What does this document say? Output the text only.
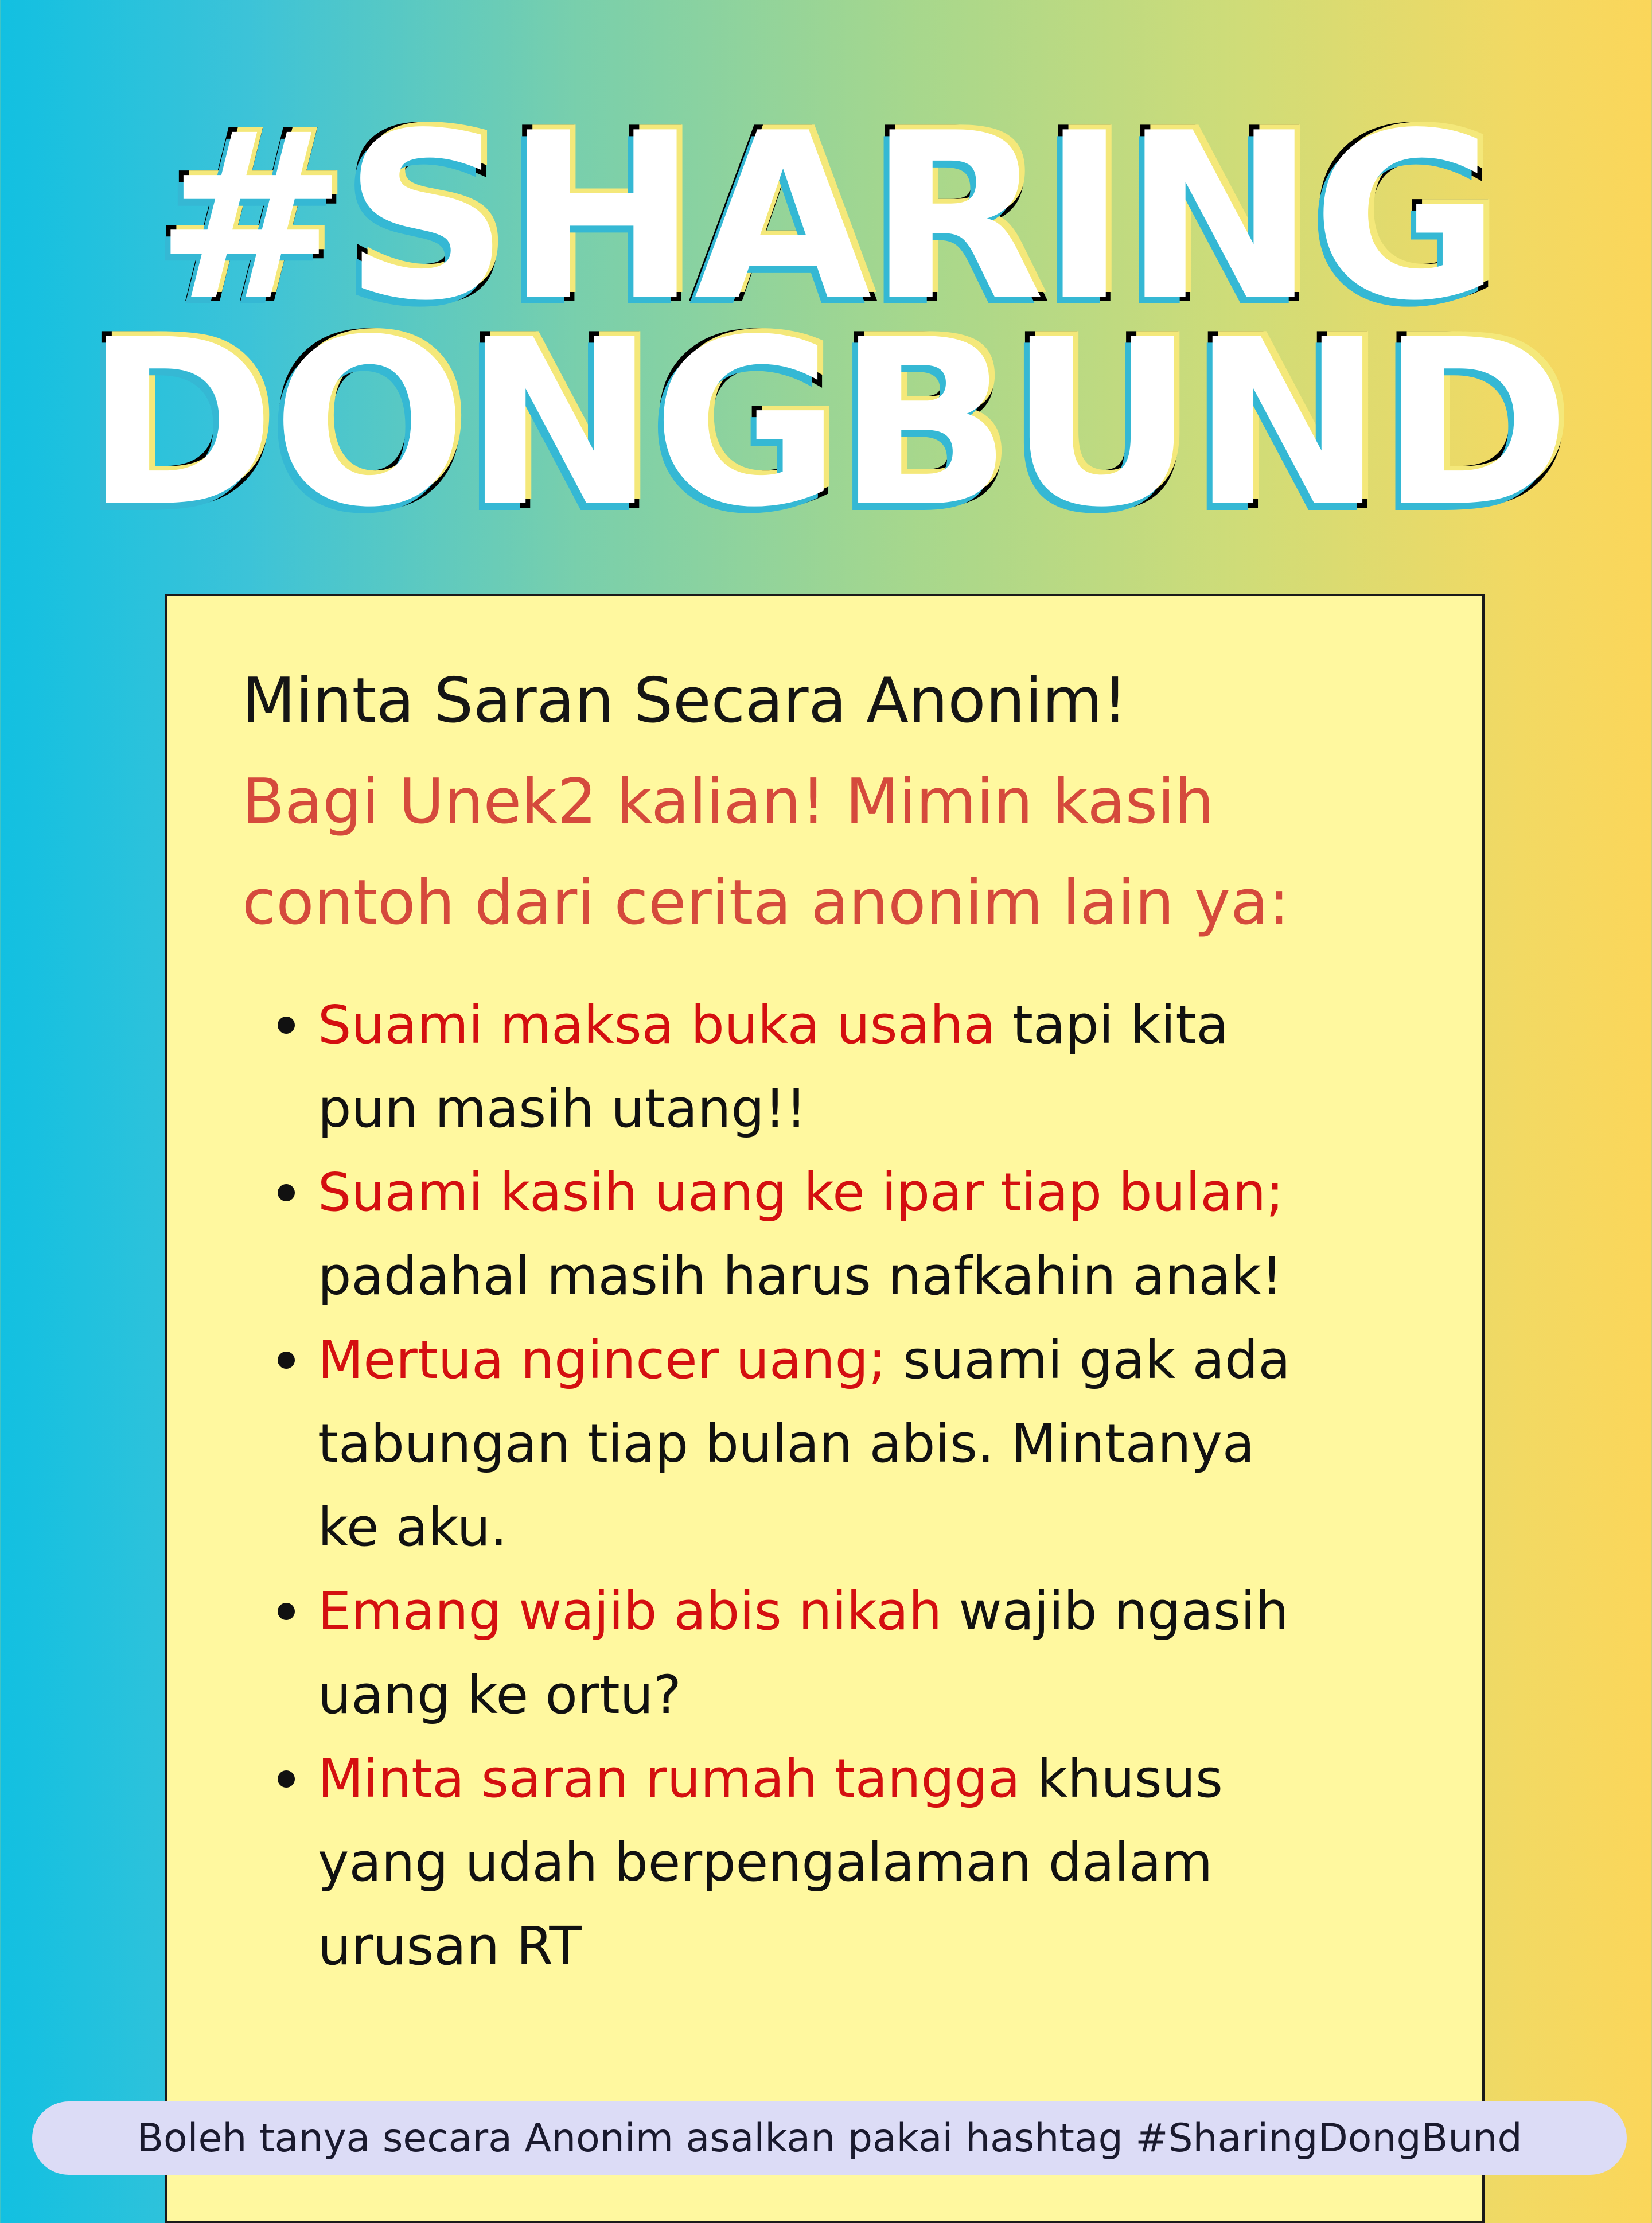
#SHARING
DONGBUND
Minta Saran Secara Anonim!
Bagi Unek2 kalian! Mimin kasih
contoh dari cerita anonim lain ya:
Suami maksa buka usaha tapi kita
pun masih utang!!
Suami kasih uang ke ipar tiap bulan;
padahal masih harus nafkahin anak!
Mertua ngincer uang; suami gak ada
tabungan tiap bulan abis. Mintanya
ke aku.
Emang wajib abis nikah wajib ngasih
uang ke ortu?
Minta saran rumah tangga khusus
yang udah berpengalaman dalam
urusan RT
Boleh tanya secara Anonim asalkan pakai hashtag #SharingDongBund
